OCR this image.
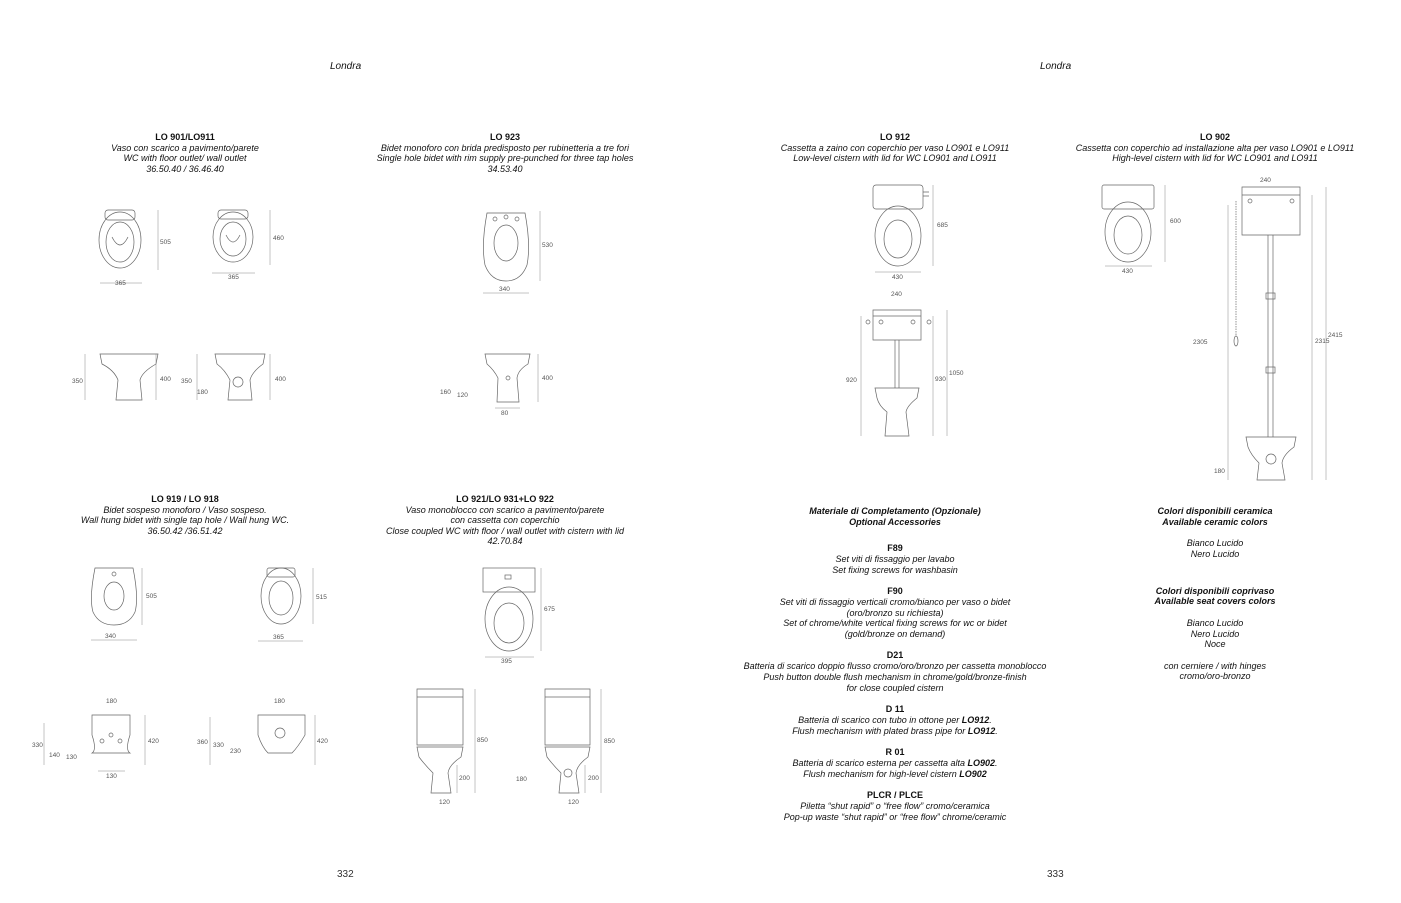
Londra
332
LO 901/LO911
Vaso con scarico a pavimento/parete
WC with floor outlet/ wall outlet
36.50.40 / 36.46.40
LO 923
Bidet monoforo con brida predisposto per rubinetteria a tre fori
Single hole bidet with rim supply pre-punched for three tap holes
34.53.40
LO 919 / LO 918
Bidet sospeso monoforo / Vaso sospeso.
Wall hung bidet with single tap hole / Wall hung WC.
36.50.42 /36.51.42
LO 921/LO 931+LO 922
Vaso monoblocco con scarico a pavimento/parete
con cassetta con coperchio
Close coupled WC with floor / wall outlet with cistern with lid
42.70.84
505
365
460
365
350	400 350
180
400
530
340
160 120
400
80
505
340
515
365
180
330
140 130
420
130
180
360 330
230
420
675
395
850
200
120
850
180	200
120
Londra
333
LO 912
Cassetta a zaino con coperchio per vaso LO901 e LO911
Low-level cistern with lid for WC LO901 and LO911
LO 902
Cassetta con coperchio ad installazione alta per vaso LO901 e LO911
High-level cistern with lid for WC LO901 and LO911
685
430
240
920	930
1050
600
430
240
2305	2315
2415
180
Materiale di Completamento (Opzionale)
Optional Accessories
F89
Set viti di fissaggio per lavabo
Set fixing screws for washbasin
F90
Set viti di fissaggio verticali cromo/bianco per vaso o bidet
(oro/bronzo su richiesta)
Set of chrome/white vertical fixing screws for wc or bidet
(gold/bronze on demand)
D21
Batteria di scarico doppio flusso cromo/oro/bronzo per cassetta monoblocco
Push button double flush mechanism in chrome/gold/bronze-finish
for close coupled cistern
D 11
Batteria di scarico con tubo in ottone per LO912.
Flush mechanism with plated brass pipe for LO912.
R 01
Batteria di scarico esterna per cassetta alta LO902.
Flush mechanism for high-level cistern LO902
PLCR / PLCE
Piletta “shut rapid” o “free flow” cromo/ceramica
Pop-up waste “shut rapid” or “free flow” chrome/ceramic
Colori disponibili ceramica
Available ceramic colors
Bianco Lucido
Nero Lucido
Colori disponibili coprivaso
Available seat covers colors
Bianco Lucido
Nero Lucido
Noce
con cerniere / with hinges
cromo/oro-bronzo
